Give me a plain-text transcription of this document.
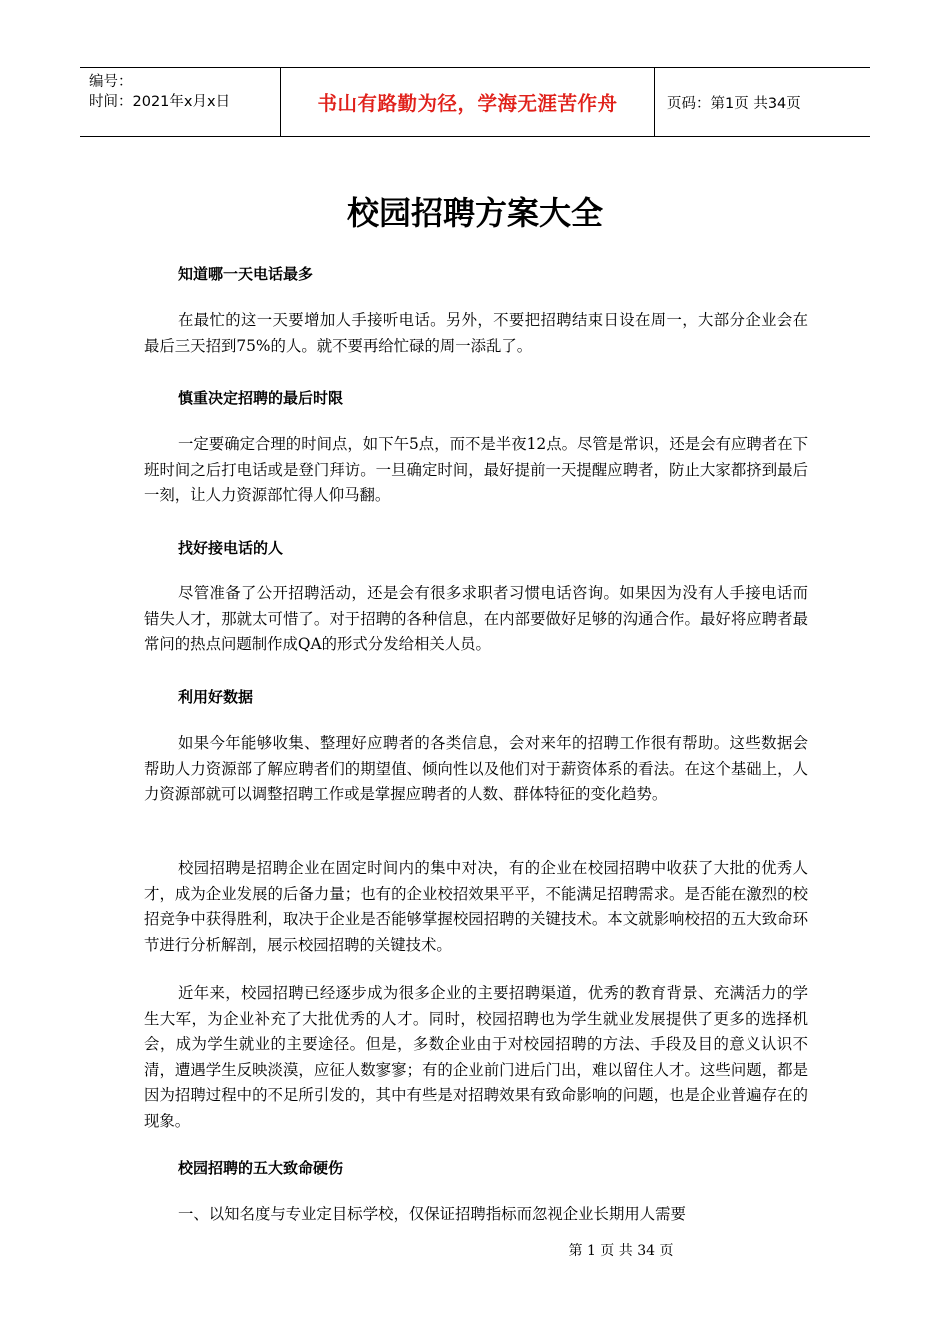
编号：
时间：2021年x月x日	书山有路勤为径，学海无涯苦作舟	页码：第1页 共34页
校园招聘方案大全
知道哪一天电话最多

在最忙的这一天要增加人手接听电话。另外，不要把招聘结束日设在周一，大部分企业会在最后三天招到75%的人。就不要再给忙碌的周一添乱了。

慎重决定招聘的最后时限

一定要确定合理的时间点，如下午5点，而不是半夜12点。尽管是常识，还是会有应聘者在下班时间之后打电话或是登门拜访。一旦确定时间，最好提前一天提醒应聘者，防止大家都挤到最后一刻，让人力资源部忙得人仰马翻。

找好接电话的人

尽管准备了公开招聘活动，还是会有很多求职者习惯电话咨询。如果因为没有人手接电话而错失人才，那就太可惜了。对于招聘的各种信息，在内部要做好足够的沟通合作。最好将应聘者最常问的热点问题制作成QA的形式分发给相关人员。

利用好数据

如果今年能够收集、整理好应聘者的各类信息，会对来年的招聘工作很有帮助。这些数据会帮助人力资源部了解应聘者们的期望值、倾向性以及他们对于薪资体系的看法。在这个基础上，人力资源部就可以调整招聘工作或是掌握应聘者的人数、群体特征的变化趋势。

校园招聘是招聘企业在固定时间内的集中对决，有的企业在校园招聘中收获了大批的优秀人才，成为企业发展的后备力量；也有的企业校招效果平平，不能满足招聘需求。是否能在激烈的校招竞争中获得胜利，取决于企业是否能够掌握校园招聘的关键技术。本文就影响校招的五大致命环节进行分析解剖，展示校园招聘的关键技术。

近年来，校园招聘已经逐步成为很多企业的主要招聘渠道，优秀的教育背景、充满活力的学生大军，为企业补充了大批优秀的人才。同时，校园招聘也为学生就业发展提供了更多的选择机会，成为学生就业的主要途径。但是，多数企业由于对校园招聘的方法、手段及目的意义认识不清，遭遇学生反映淡漠，应征人数寥寥；有的企业前门进后门出，难以留住人才。这些问题，都是因为招聘过程中的不足所引发的，其中有些是对招聘效果有致命影响的问题，也是企业普遍存在的现象。

校园招聘的五大致命硬伤

一、以知名度与专业定目标学校，仅保证招聘指标而忽视企业长期用人需要

第 1 页 共 34 页
